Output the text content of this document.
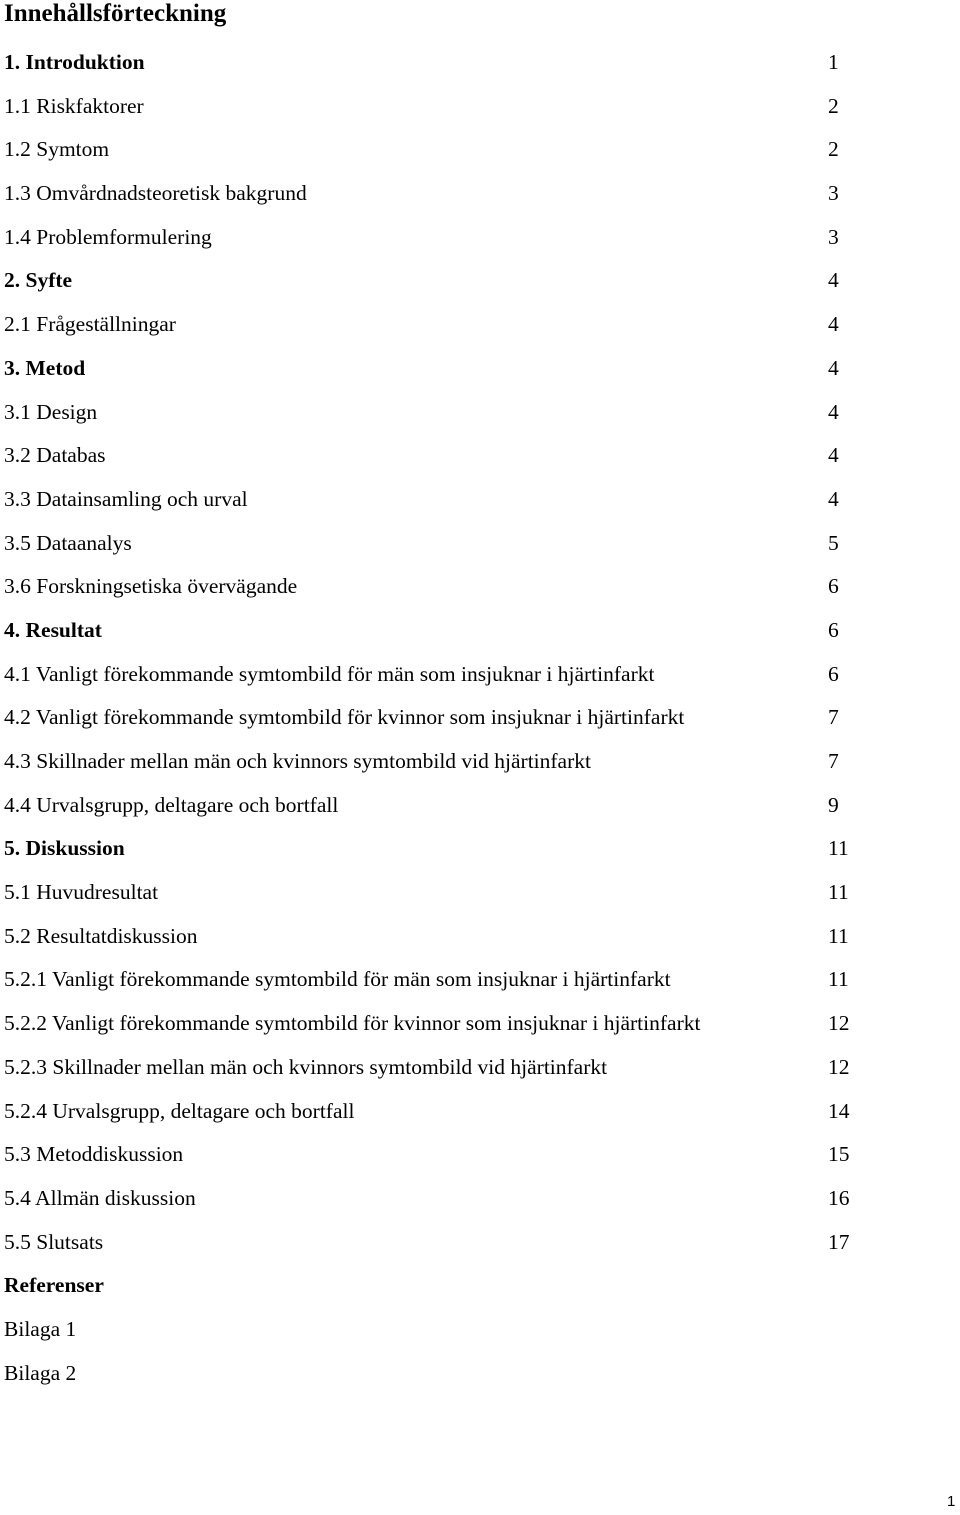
Innehållsförteckning
1. Introduktion	1
1.1 Riskfaktorer	2
1.2 Symtom	2
1.3 Omvårdnadsteoretisk bakgrund	3
1.4 Problemformulering	3
2. Syfte	4
2.1 Frågeställningar	4
3. Metod	4
3.1 Design	4
3.2 Databas	4
3.3 Datainsamling och urval	4
3.5 Dataanalys	5
3.6 Forskningsetiska övervägande	6
4. Resultat	6
4.1 Vanligt förekommande symtombild för män som insjuknar i hjärtinfarkt	6
4.2 Vanligt förekommande symtombild för kvinnor som insjuknar i hjärtinfarkt	7
4.3 Skillnader mellan män och kvinnors symtombild vid hjärtinfarkt	7
4.4 Urvalsgrupp, deltagare och bortfall	9
5. Diskussion	11
5.1 Huvudresultat	11
5.2 Resultatdiskussion	11
5.2.1 Vanligt förekommande symtombild för män som insjuknar i hjärtinfarkt	11
5.2.2 Vanligt förekommande symtombild för kvinnor som insjuknar i hjärtinfarkt	12
5.2.3 Skillnader mellan män och kvinnors symtombild vid hjärtinfarkt	12
5.2.4 Urvalsgrupp, deltagare och bortfall	14
5.3 Metoddiskussion	15
5.4 Allmän diskussion	16
5.5 Slutsats	17
Referenser
Bilaga 1
Bilaga 2
1
